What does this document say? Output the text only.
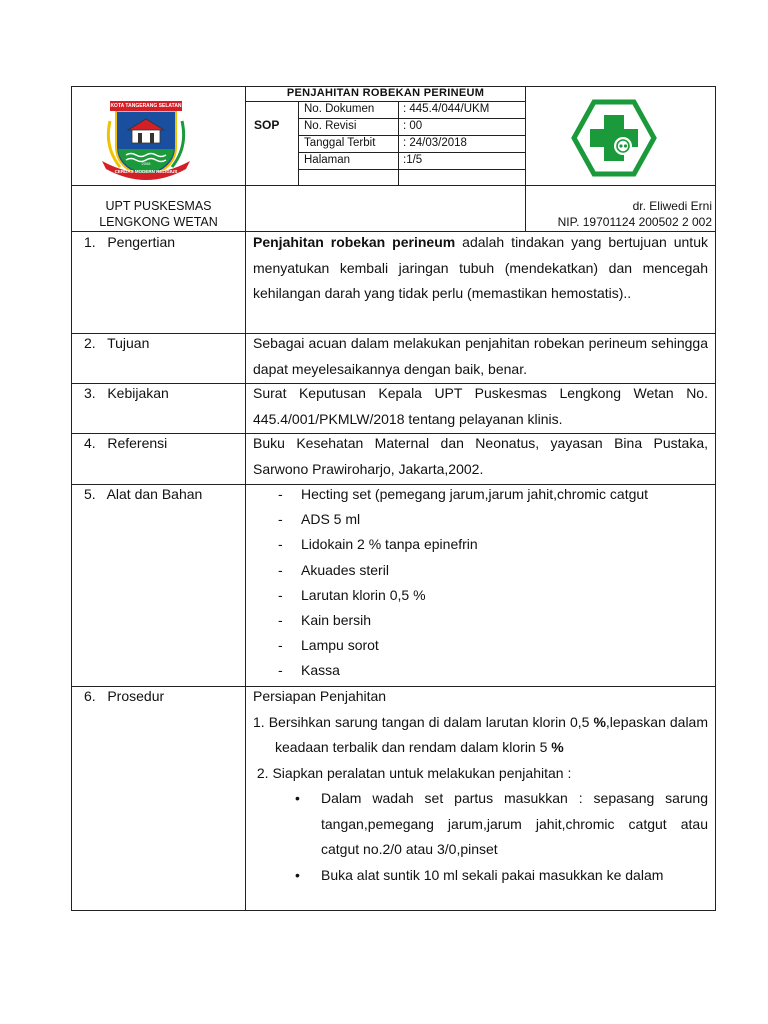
PENJAHITAN ROBEKAN PERINEUM
SOP
No. Dokumen : 445.4/044/UKM
No. Revisi	: 00
Tanggal Terbit : 24/03/2018
Halaman	:1/5
KOTA TANGERANG SELATAN
2008
CERDAS MODERN RELIGIUS
UPT PUSKESMAS
LENGKONG WETAN
dr. Eliwedi Erni
NIP. 19701124 200502 2 002
1.   Pengertian	Penjahitan robekan perineum adalah tindakan yang bertujuan untuk menyatukan kembali jaringan tubuh (mendekatkan) dan mencegah kehilangan darah yang tidak perlu (memastikan hemostatis)..
2.   Tujuan	Sebagai acuan dalam melakukan penjahitan robekan perineum sehingga dapat meyelesaikannya dengan baik, benar.
3.   Kebijakan	Surat Keputusan Kepala UPT Puskesmas Lengkong Wetan No. 445.4/001/PKMLW/2018 tentang pelayanan klinis.
4.   Referensi	Buku Kesehatan Maternal dan Neonatus, yayasan Bina Pustaka, Sarwono Prawiroharjo, Jakarta,2002.
5.   Alat dan Bahan
-	Hecting set (pemegang jarum,jarum jahit,chromic catgut
- ADS 5 ml
- Lidokain 2 % tanpa epinefrin
- Akuades steril
- Larutan klorin 0,5 %
- Kain bersih
- Lampu sorot
- Kassa
6.   Prosedur	Persiapan Penjahitan
1. Bersihkan sarung tangan di dalam larutan klorin 0,5 %,lepaskan dalam keadaan terbalik dan rendam dalam klorin 5 %
2. Siapkan peralatan untuk melakukan penjahitan :
• Dalam wadah set partus masukkan : sepasang sarung tangan,pemegang jarum,jarum jahit,chromic catgut atau catgut no.2/0 atau 3/0,pinset
• Buka alat suntik 10 ml sekali pakai masukkan ke dalam
